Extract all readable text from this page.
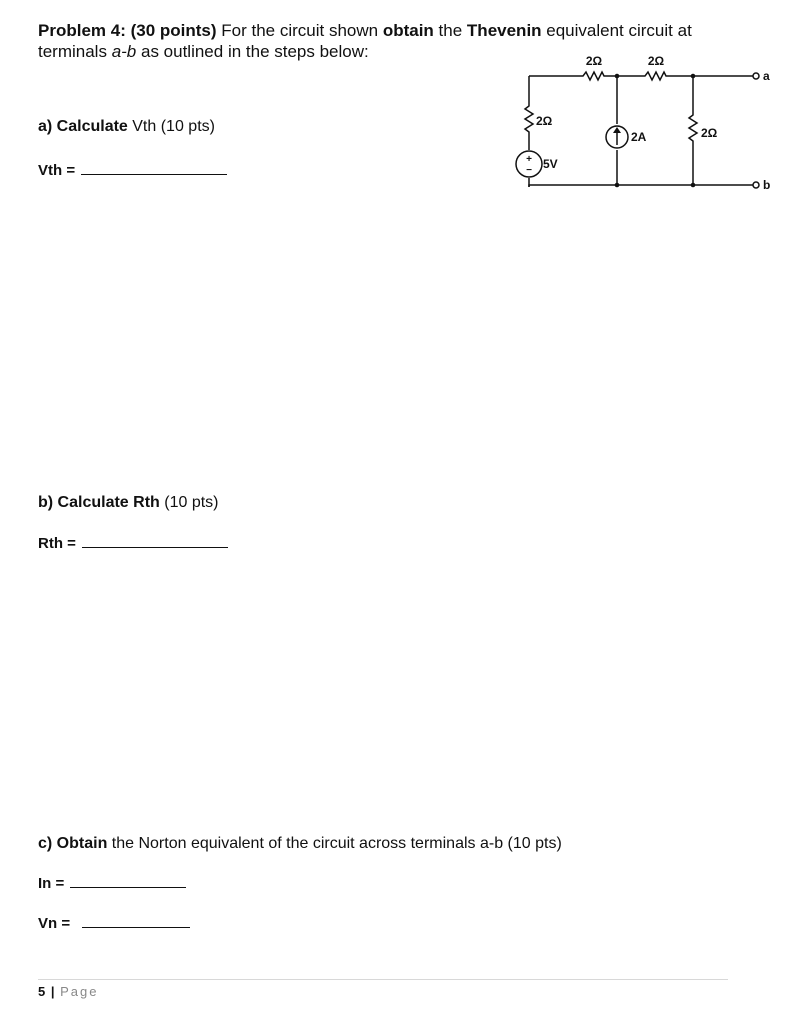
Problem 4: (30 points) For the circuit shown obtain the Thevenin equivalent circuit at terminals a-b as outlined in the steps below:	2Ω	2Ω
2Ω
2Ω
2A
5V
+
−
a
b
a) Calculate Vth (10 pts)
Vth =
b) Calculate Rth (10 pts)
Rth =
c) Obtain the Norton equivalent of the circuit across terminals a-b (10 pts)
In =
Vn =
5 | Page
